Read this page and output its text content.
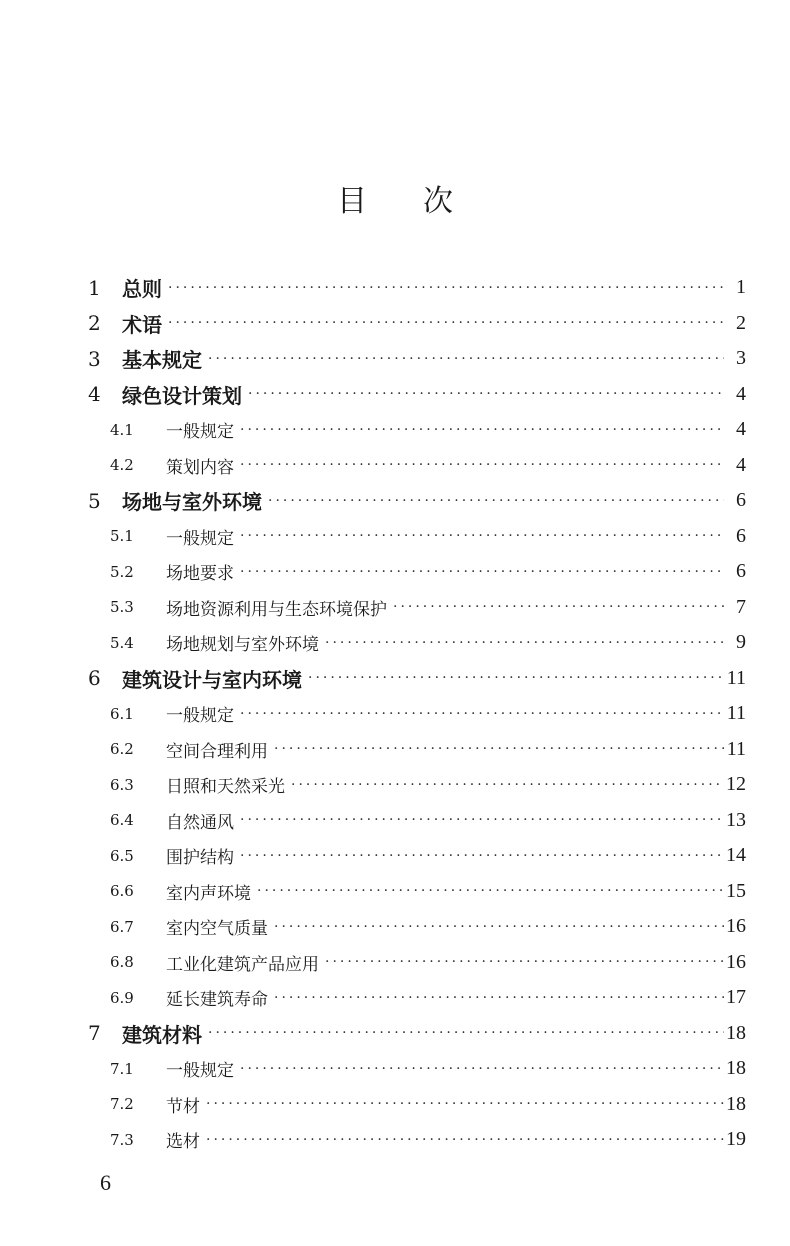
目 次
1	总则 ·····	1
2	术语 ·····	2
3	基本规定 ·····	3
4	绿色设计策划 ·····	4
4.1	一般规定 ·····	4
4.2	策划内容 ·····	4
5	场地与室外环境 ·····	6
5.1	一般规定 ·····	6
5.2	场地要求 ·····	6
5.3	场地资源利用与生态环境保护 ·····	7
5.4	场地规划与室外环境 ·····	9
6	建筑设计与室内环境 ·····	11
6.1	一般规定 ·····	11
6.2	空间合理利用 ·····	11
6.3	日照和天然采光 ·····	12
6.4	自然通风 ·····	13
6.5	围护结构 ·····	14
6.6	室内声环境 ·····	15
6.7	室内空气质量 ·····	16
6.8	工业化建筑产品应用 ·····	16
6.9	延长建筑寿命 ·····	17
7	建筑材料 ·····	18
7.1	一般规定 ·····	18
7.2	节材 ·····	18
7.3	选材 ·····	19
6
